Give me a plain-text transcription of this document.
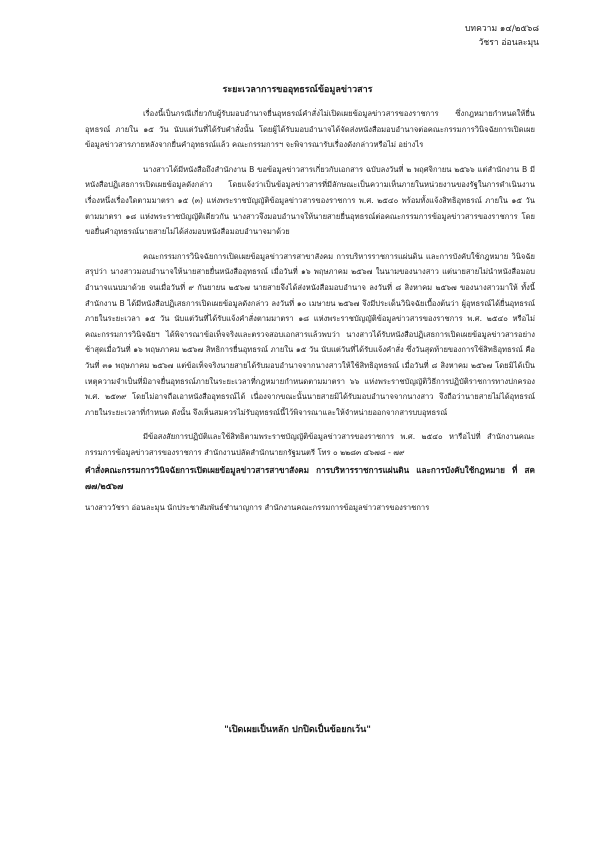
บทความ ๑๔/๒๕๖๘
วัชรา อ่อนละมุน
ระยะเวลาการขออุทธรณ์ข้อมูลข่าวสาร

เรื่องนี้เป็นกรณีเกี่ยวกับผู้รับมอบอำนาจยื่นอุทธรณ์คำสั่งไม่เปิดเผยข้อมูลข่าวสารของราชการ ซึ่งกฎหมายกำหนดให้ยื่นอุทธรณ์ ภายใน ๑๕ วัน นับแต่วันที่ได้รับคำสั่งนั้น โดยผู้ได้รับมอบอำนาจได้จัดส่งหนังสือมอบอำนาจต่อคณะกรรมการวินิจฉัยการเปิดเผยข้อมูลข่าวสารภายหลังจากยื่นคำอุทธรณ์แล้ว คณะกรรมการฯ จะพิจารณารับเรื่องดังกล่าวหรือไม่ อย่างไร

นางสาวได้มีหนังสือถึงสำนักงาน B ขอข้อมูลข่าวสารเกี่ยวกับเอกสาร ฉบับลงวันที่ ๒ พฤศจิกายน ๒๕๖๖ แต่สำนักงาน B มีหนังสือปฏิเสธการเปิดเผยข้อมูลดังกล่าว โดยแจ้งว่าเป็นข้อมูลข่าวสารที่มีลักษณะเป็นความเห็นภายในหน่วยงานของรัฐในการดำเนินงานเรื่องหนึ่งเรื่องใดตามมาตรา ๑๕ (๓) แห่งพระราชบัญญัติข้อมูลข่าวสารของราชการ พ.ศ. ๒๕๔๐ พร้อมทั้งแจ้งสิทธิอุทธรณ์ ภายใน ๑๕ วัน ตามมาตรา ๑๘ แห่งพระราชบัญญัติเดียวกัน นางสาวจึงมอบอำนาจให้นายสายยื่นอุทธรณ์ต่อคณะกรรมการข้อมูลข่าวสารของราชการ โดยขอยื่นคำอุทธรณ์นายสายไม่ได้ส่งมอบหนังสือมอบอำนาจมาด้วย

คณะกรรมการวินิจฉัยการเปิดเผยข้อมูลข่าวสารสาขาสังคม การบริหารราชการแผ่นดิน และการบังคับใช้กฎหมาย วินิจฉัยสรุปว่า นางสาวมอบอำนาจให้นายสายยื่นหนังสืออุทธรณ์ เมื่อวันที่ ๑๖ พฤษภาคม ๒๕๖๗ ในนามของนางสาว แต่นายสายไม่นำหนังสือมอบอำนาจแนบมาด้วย จนเมื่อวันที่ ๙ กันยายน ๒๕๖๗ นายสายจึงได้ส่งหนังสือมอบอำนาจ ลงวันที่ ๘ สิงหาคม ๒๕๖๗ ของนางสาวมาให้ ทั้งนี้ สำนักงาน B ได้มีหนังสือปฏิเสธการเปิดเผยข้อมูลดังกล่าว ลงวันที่ ๑๐ เมษายน ๒๕๖๗ จึงมีประเด็นวินิจฉัยเบื้องต้นว่า ผู้อุทธรณ์ได้ยื่นอุทธรณ์ภายในระยะเวลา ๑๕ วัน นับแต่วันที่ได้รับแจ้งคำสั่งตามมาตรา ๑๘ แห่งพระราชบัญญัติข้อมูลข่าวสารของราชการ พ.ศ. ๒๕๔๐ หรือไม่ คณะกรรมการวินิจฉัยฯ ได้พิจารณาข้อเท็จจริงและตรวจสอบเอกสารแล้วพบว่า นางสาวได้รับหนังสือปฏิเสธการเปิดเผยข้อมูลข่าวสารอย่างช้าสุดเมื่อวันที่ ๑๖ พฤษภาคม ๒๕๖๗ สิทธิการยื่นอุทธรณ์ ภายใน ๑๕ วัน นับแต่วันที่ได้รับแจ้งคำสั่ง ซึ่งวันสุดท้ายของการใช้สิทธิอุทธรณ์ คือ วันที่ ๓๑ พฤษภาคม ๒๕๖๗ แต่ข้อเท็จจริงนายสายได้รับมอบอำนาจจากนางสาวให้ใช้สิทธิอุทธรณ์ เมื่อวันที่ ๘ สิงหาคม ๒๕๖๗ โดยมิได้เป็นเหตุความจำเป็นที่มิอาจยื่นอุทธรณ์ภายในระยะเวลาที่กฎหมายกำหนดตามมาตรา ๖๖ แห่งพระราชบัญญัติวิธีการปฏิบัติราชการทางปกครอง พ.ศ. ๒๕๓๙ โดยไม่อาจถือเอาหนังสืออุทธรณ์ได้ เนื่องจากขณะนั้นนายสายมิได้รับมอบอำนาจจากนางสาว จึงถือว่านายสายไม่ได้อุทธรณ์ภายในระยะเวลาที่กำหนด ดังนั้น จึงเห็นสมควรไม่รับอุทธรณ์นี้ไว้พิจารณาและให้จำหน่ายออกจากสารบบอุทธรณ์

มีข้อสงสัยการปฏิบัติและใช้สิทธิตามพระราชบัญญัติข้อมูลข่าวสารของราชการ พ.ศ. ๒๕๔๐ หารือไปที่ สำนักงานคณะกรรมการข้อมูลข่าวสารของราชการ สำนักงานปลัดสำนักนายกรัฐมนตรี โทร ๐ ๒๒๘๓ ๔๖๗๘ - ๗๙

คำสั่งคณะกรรมการวินิจฉัยการเปิดเผยข้อมูลข่าวสารสาขาสังคม การบริหารราชการแผ่นดิน และการบังคับใช้กฎหมาย ที่ สค ๗๗/๒๕๖๗
นางสาววัชรา อ่อนละมุน นักประชาสัมพันธ์ชำนาญการ สำนักงานคณะกรรมการข้อมูลข่าวสารของราชการ
"เปิดเผยเป็นหลัก ปกปิดเป็นข้อยกเว้น"
